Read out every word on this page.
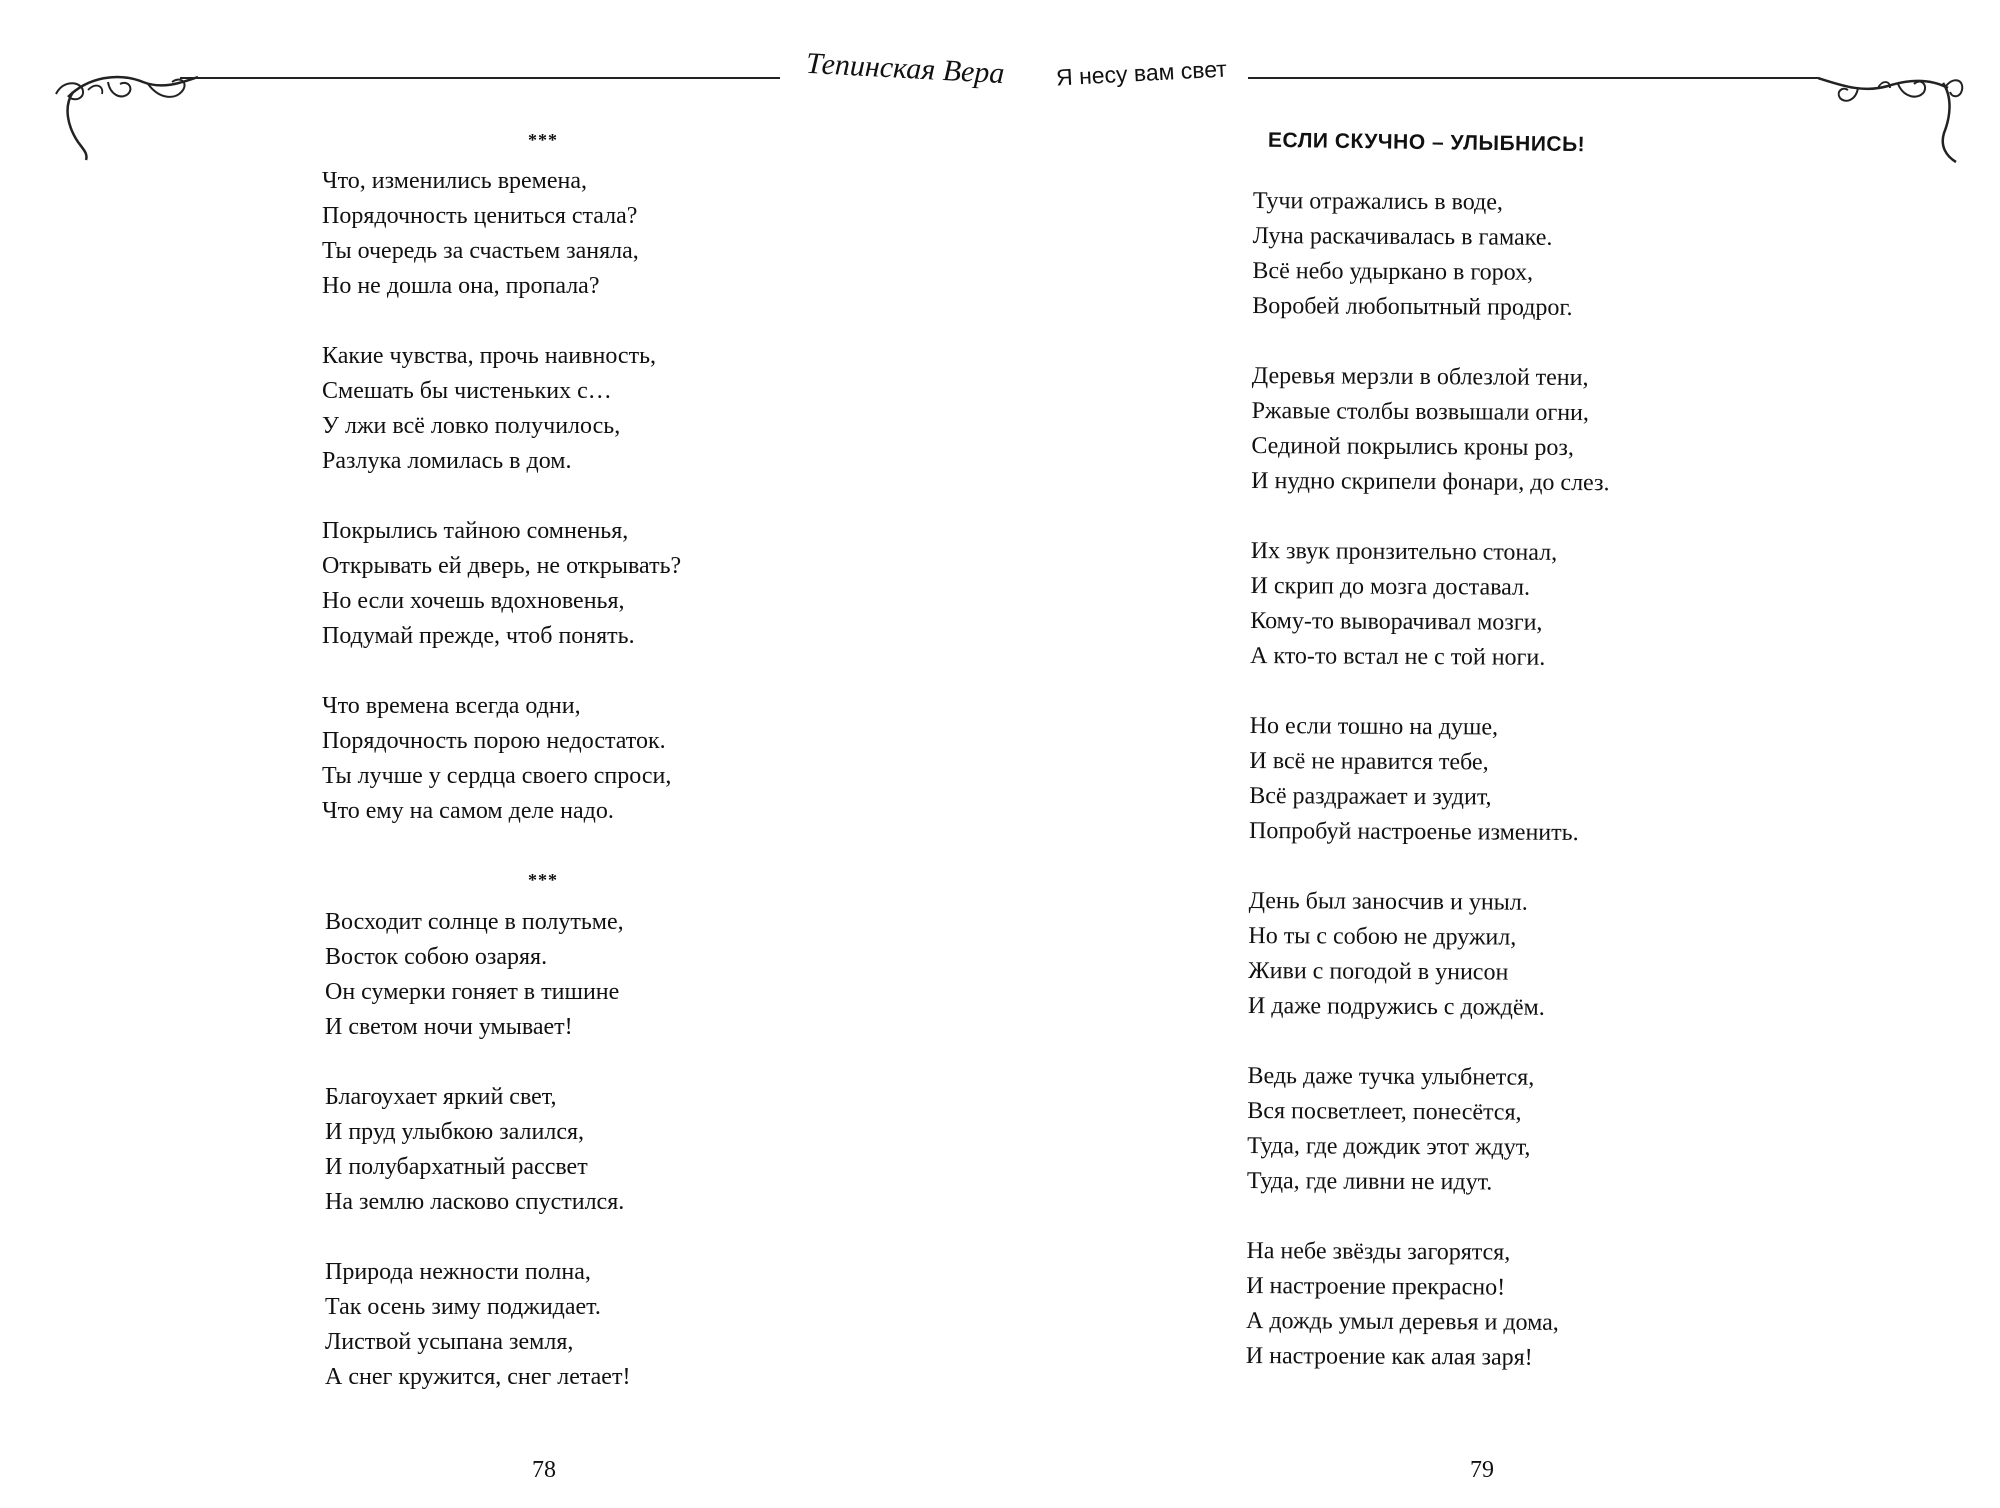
Тепинская Вера Я несу вам свет
***
Что, изменились времена,
Порядочность цениться стала?
Ты очередь за счастьем заняла,
Но не дошла она, пропала?
Какие чувства, прочь наивность,
Смешать бы чистеньких с…
У лжи всё ловко получилось,
Разлука ломилась в дом.
Покрылись тайною сомненья,
Открывать ей дверь, не открывать?
Но если хочешь вдохновенья,
Подумай прежде, чтоб понять.
Что времена всегда одни,
Порядочность порою недостаток.
Ты лучше у сердца своего спроси,
Что ему на самом деле надо.
***
Восходит солнце в полутьме,
Восток собою озаряя.
Он сумерки гоняет в тишине
И светом ночи умывает!
Благоухает яркий свет,
И пруд улыбкою залился,
И полубархатный рассвет
На землю ласково спустился.
Природа нежности полна,
Так осень зиму поджидает.
Листвой усыпана земля,
А снег кружится, снег летает!
78
ЕСЛИ СКУЧНО – УЛЫБНИСЬ!
Тучи отражались в воде,
Луна раскачивалась в гамаке.
Всё небо удыркано в горох,
Воробей любопытный продрог.
Деревья мерзли в облезлой тени,
Ржавые столбы возвышали огни,
Сединой покрылись кроны роз,
И нудно скрипели фонари, до слез.
Их звук пронзительно стонал,
И скрип до мозга доставал.
Кому-то выворачивал мозги,
А кто-то встал не с той ноги.
Но если тошно на душе,
И всё не нравится тебе,
Всё раздражает и зудит,
Попробуй настроенье изменить.
День был заносчив и уныл.
Но ты с собою не дружил,
Живи с погодой в унисон
И даже подружись с дождём.
Ведь даже тучка улыбнется,
Вся посветлеет, понесётся,
Туда, где дождик этот ждут,
Туда, где ливни не идут.
На небе звёзды загорятся,
И настроение прекрасно!
А дождь умыл деревья и дома,
И настроение как алая заря!
79
